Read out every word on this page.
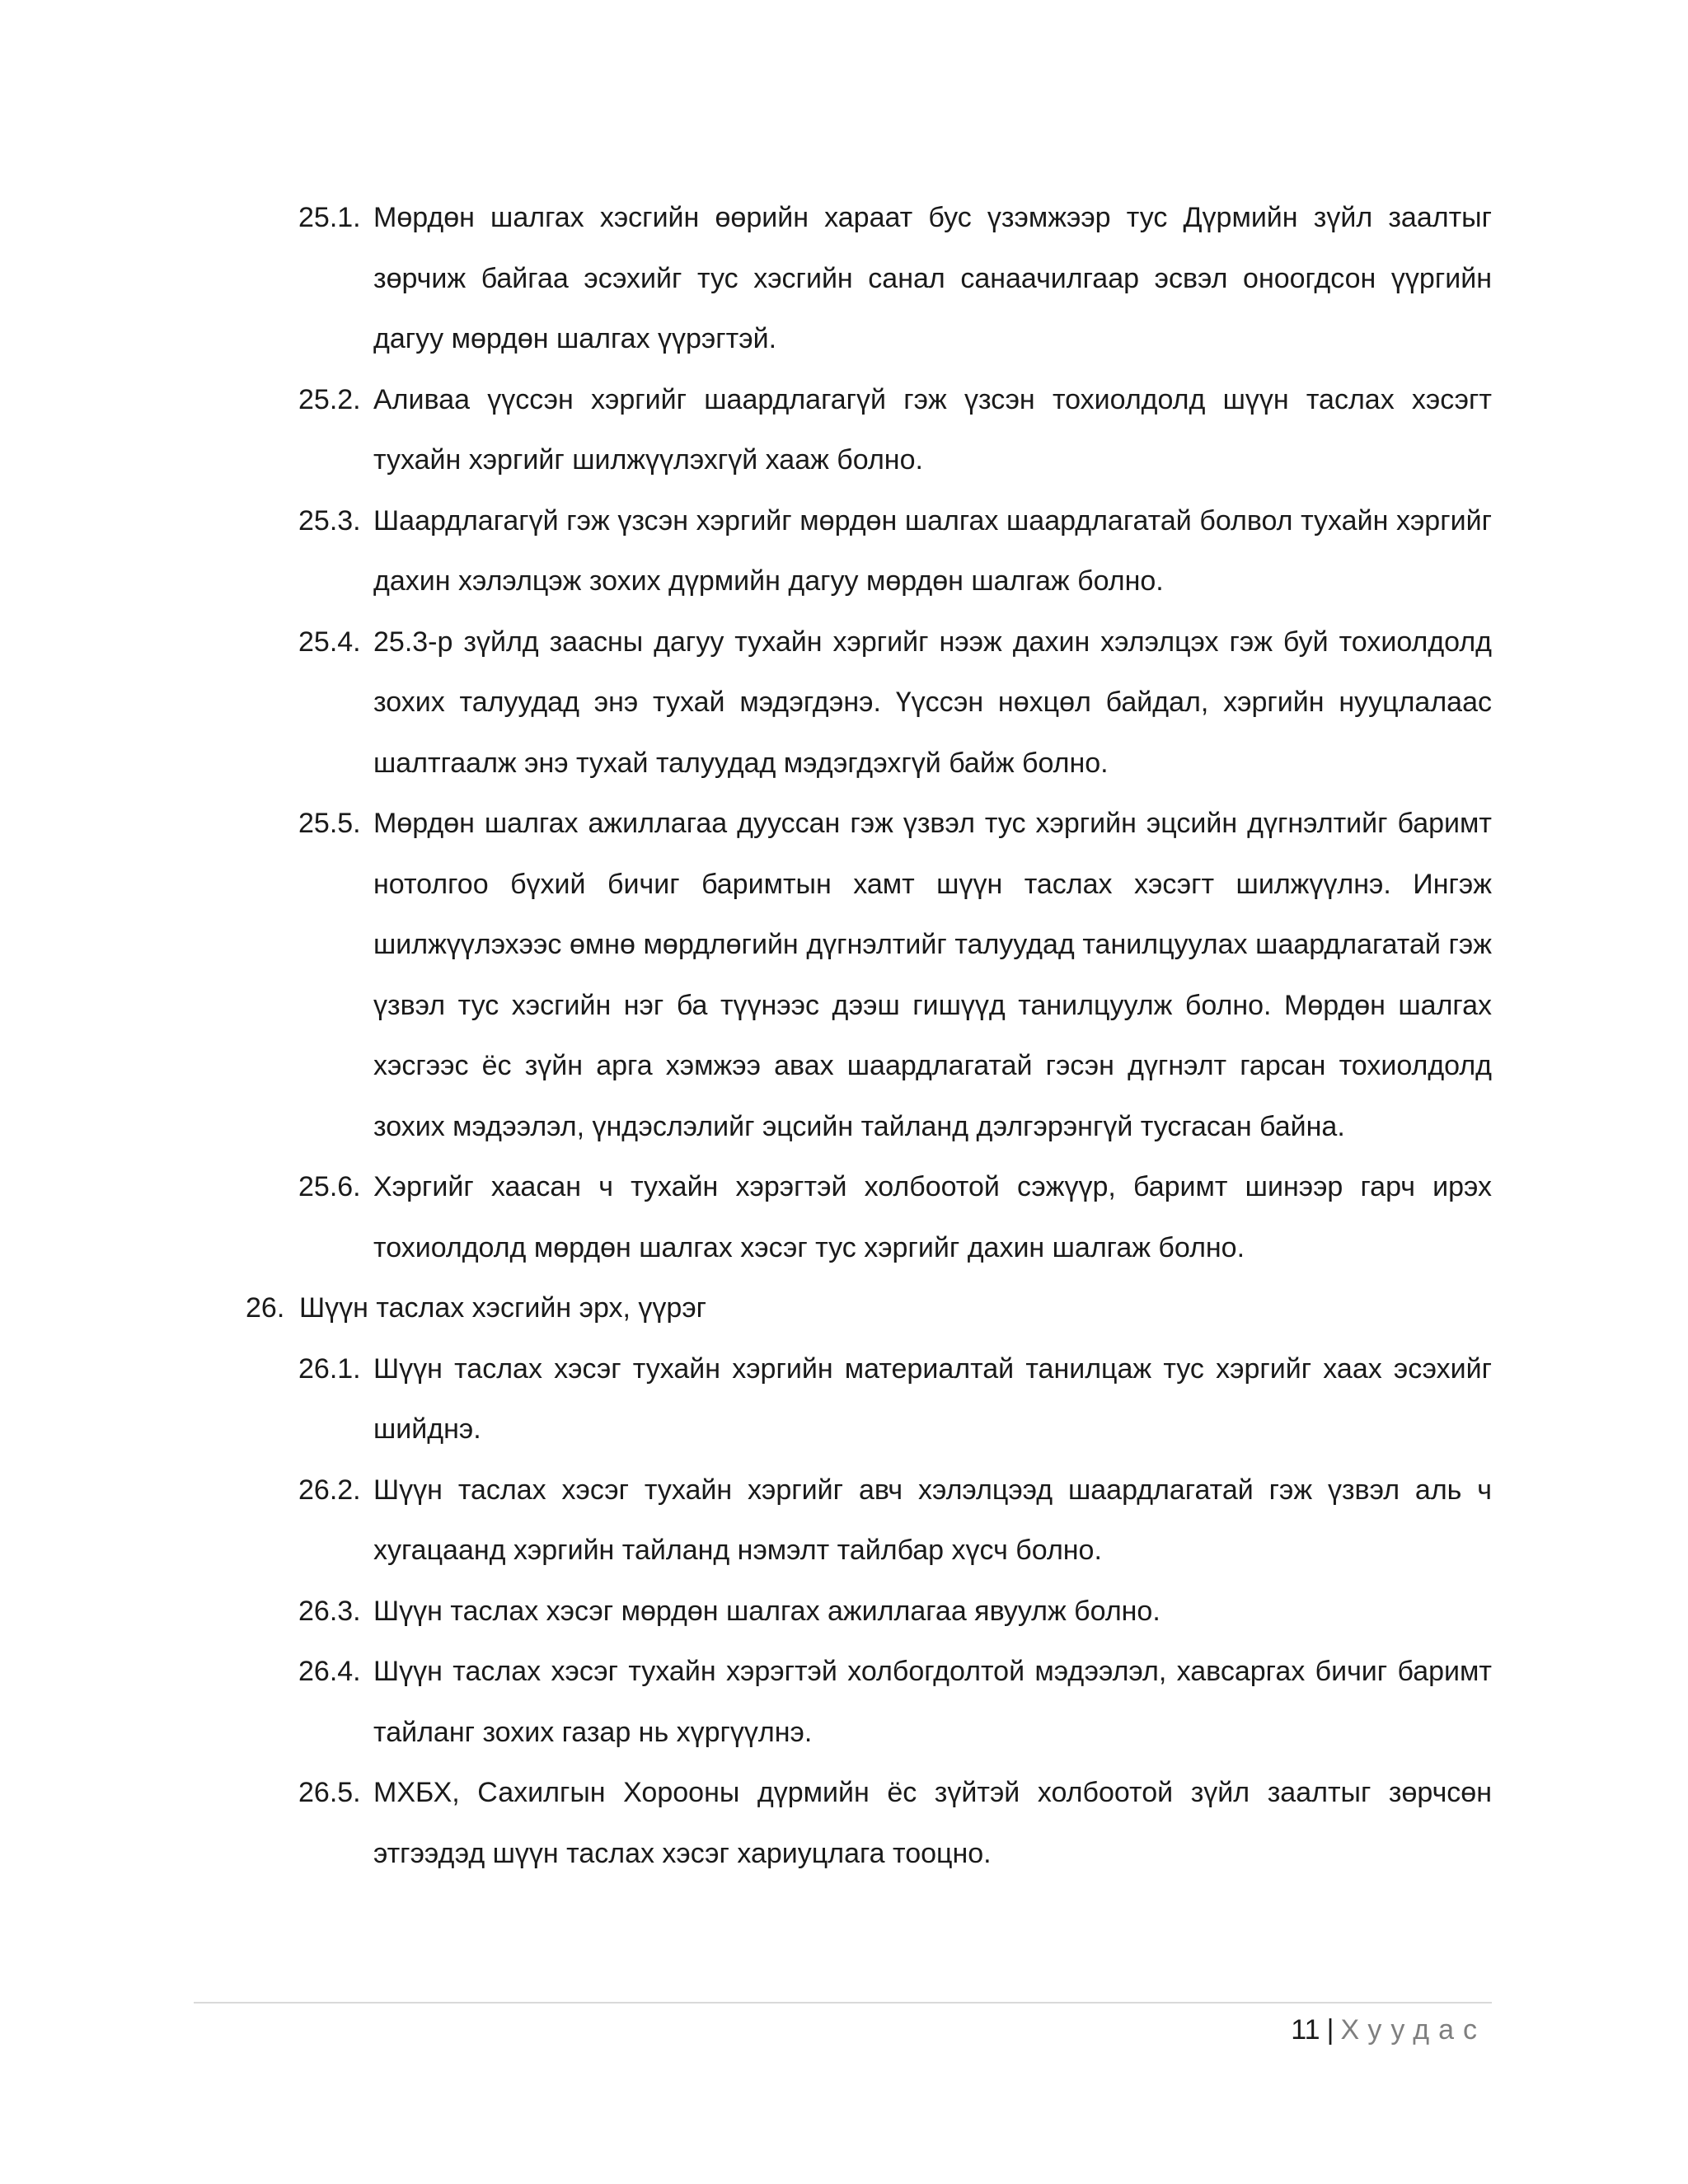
25.1. Мөрдөн шалгах хэсгийн өөрийн хараат бус үзэмжээр тус Дүрмийн зүйл заалтыг зөрчиж байгаа эсэхийг тус хэсгийн санал санаачилгаар эсвэл оноогдсон үүргийн дагуу мөрдөн шалгах үүрэгтэй.
25.2. Аливаа үүссэн хэргийг шаардлагагүй гэж үзсэн тохиолдолд шүүн таслах хэсэгт тухайн хэргийг шилжүүлэхгүй хааж болно.
25.3. Шаардлагагүй гэж үзсэн хэргийг мөрдөн шалгах шаардлагатай болвол тухайн хэргийг дахин хэлэлцэж зохих дүрмийн дагуу мөрдөн шалгаж болно.
25.4. 25.3-р зүйлд заасны дагуу тухайн хэргийг нээж дахин хэлэлцэх гэж буй тохиолдолд зохих талуудад энэ тухай мэдэгдэнэ. Үүссэн нөхцөл байдал, хэргийн нууцлалаас шалтгаалж энэ тухай талуудад мэдэгдэхгүй байж болно.
25.5. Мөрдөн шалгах ажиллагаа дууссан гэж үзвэл тус хэргийн эцсийн дүгнэлтийг баримт нотолгоо бүхий бичиг баримтын хамт шүүн таслах хэсэгт шилжүүлнэ. Ингэж шилжүүлэхээс өмнө мөрдлөгийн дүгнэлтийг талуудад танилцуулах шаардлагатай гэж үзвэл тус хэсгийн нэг ба түүнээс дээш гишүүд танилцуулж болно. Мөрдөн шалгах хэсгээс ёс зүйн арга хэмжээ авах шаардлагатай гэсэн дүгнэлт гарсан тохиолдолд зохих мэдээлэл, үндэслэлийг эцсийн тайланд дэлгэрэнгүй тусгасан байна.
25.6. Хэргийг хаасан ч тухайн хэрэгтэй холбоотой сэжүүр, баримт шинээр гарч ирэх тохиолдолд мөрдөн шалгах хэсэг тус хэргийг дахин шалгаж болно.
26. Шүүн таслах хэсгийн эрх, үүрэг
26.1. Шүүн таслах хэсэг тухайн хэргийн материалтай танилцаж тус хэргийг хаах эсэхийг шийднэ.
26.2. Шүүн таслах хэсэг тухайн хэргийг авч хэлэлцээд шаардлагатай гэж үзвэл аль ч хугацаанд хэргийн тайланд нэмэлт тайлбар хүсч болно.
26.3. Шүүн таслах хэсэг мөрдөн шалгах ажиллагаа явуулж болно.
26.4. Шүүн таслах хэсэг тухайн хэрэгтэй холбогдолтой мэдээлэл, хавсаргах бичиг баримт тайланг зохих газар нь хүргүүлнэ.
26.5. МХБХ, Сахилгын Хорооны дүрмийн ёс зүйтэй холбоотой зүйл заалтыг зөрчсөн этгээдэд шүүн таслах хэсэг хариуцлага тооцно.
11 | Хуудас
